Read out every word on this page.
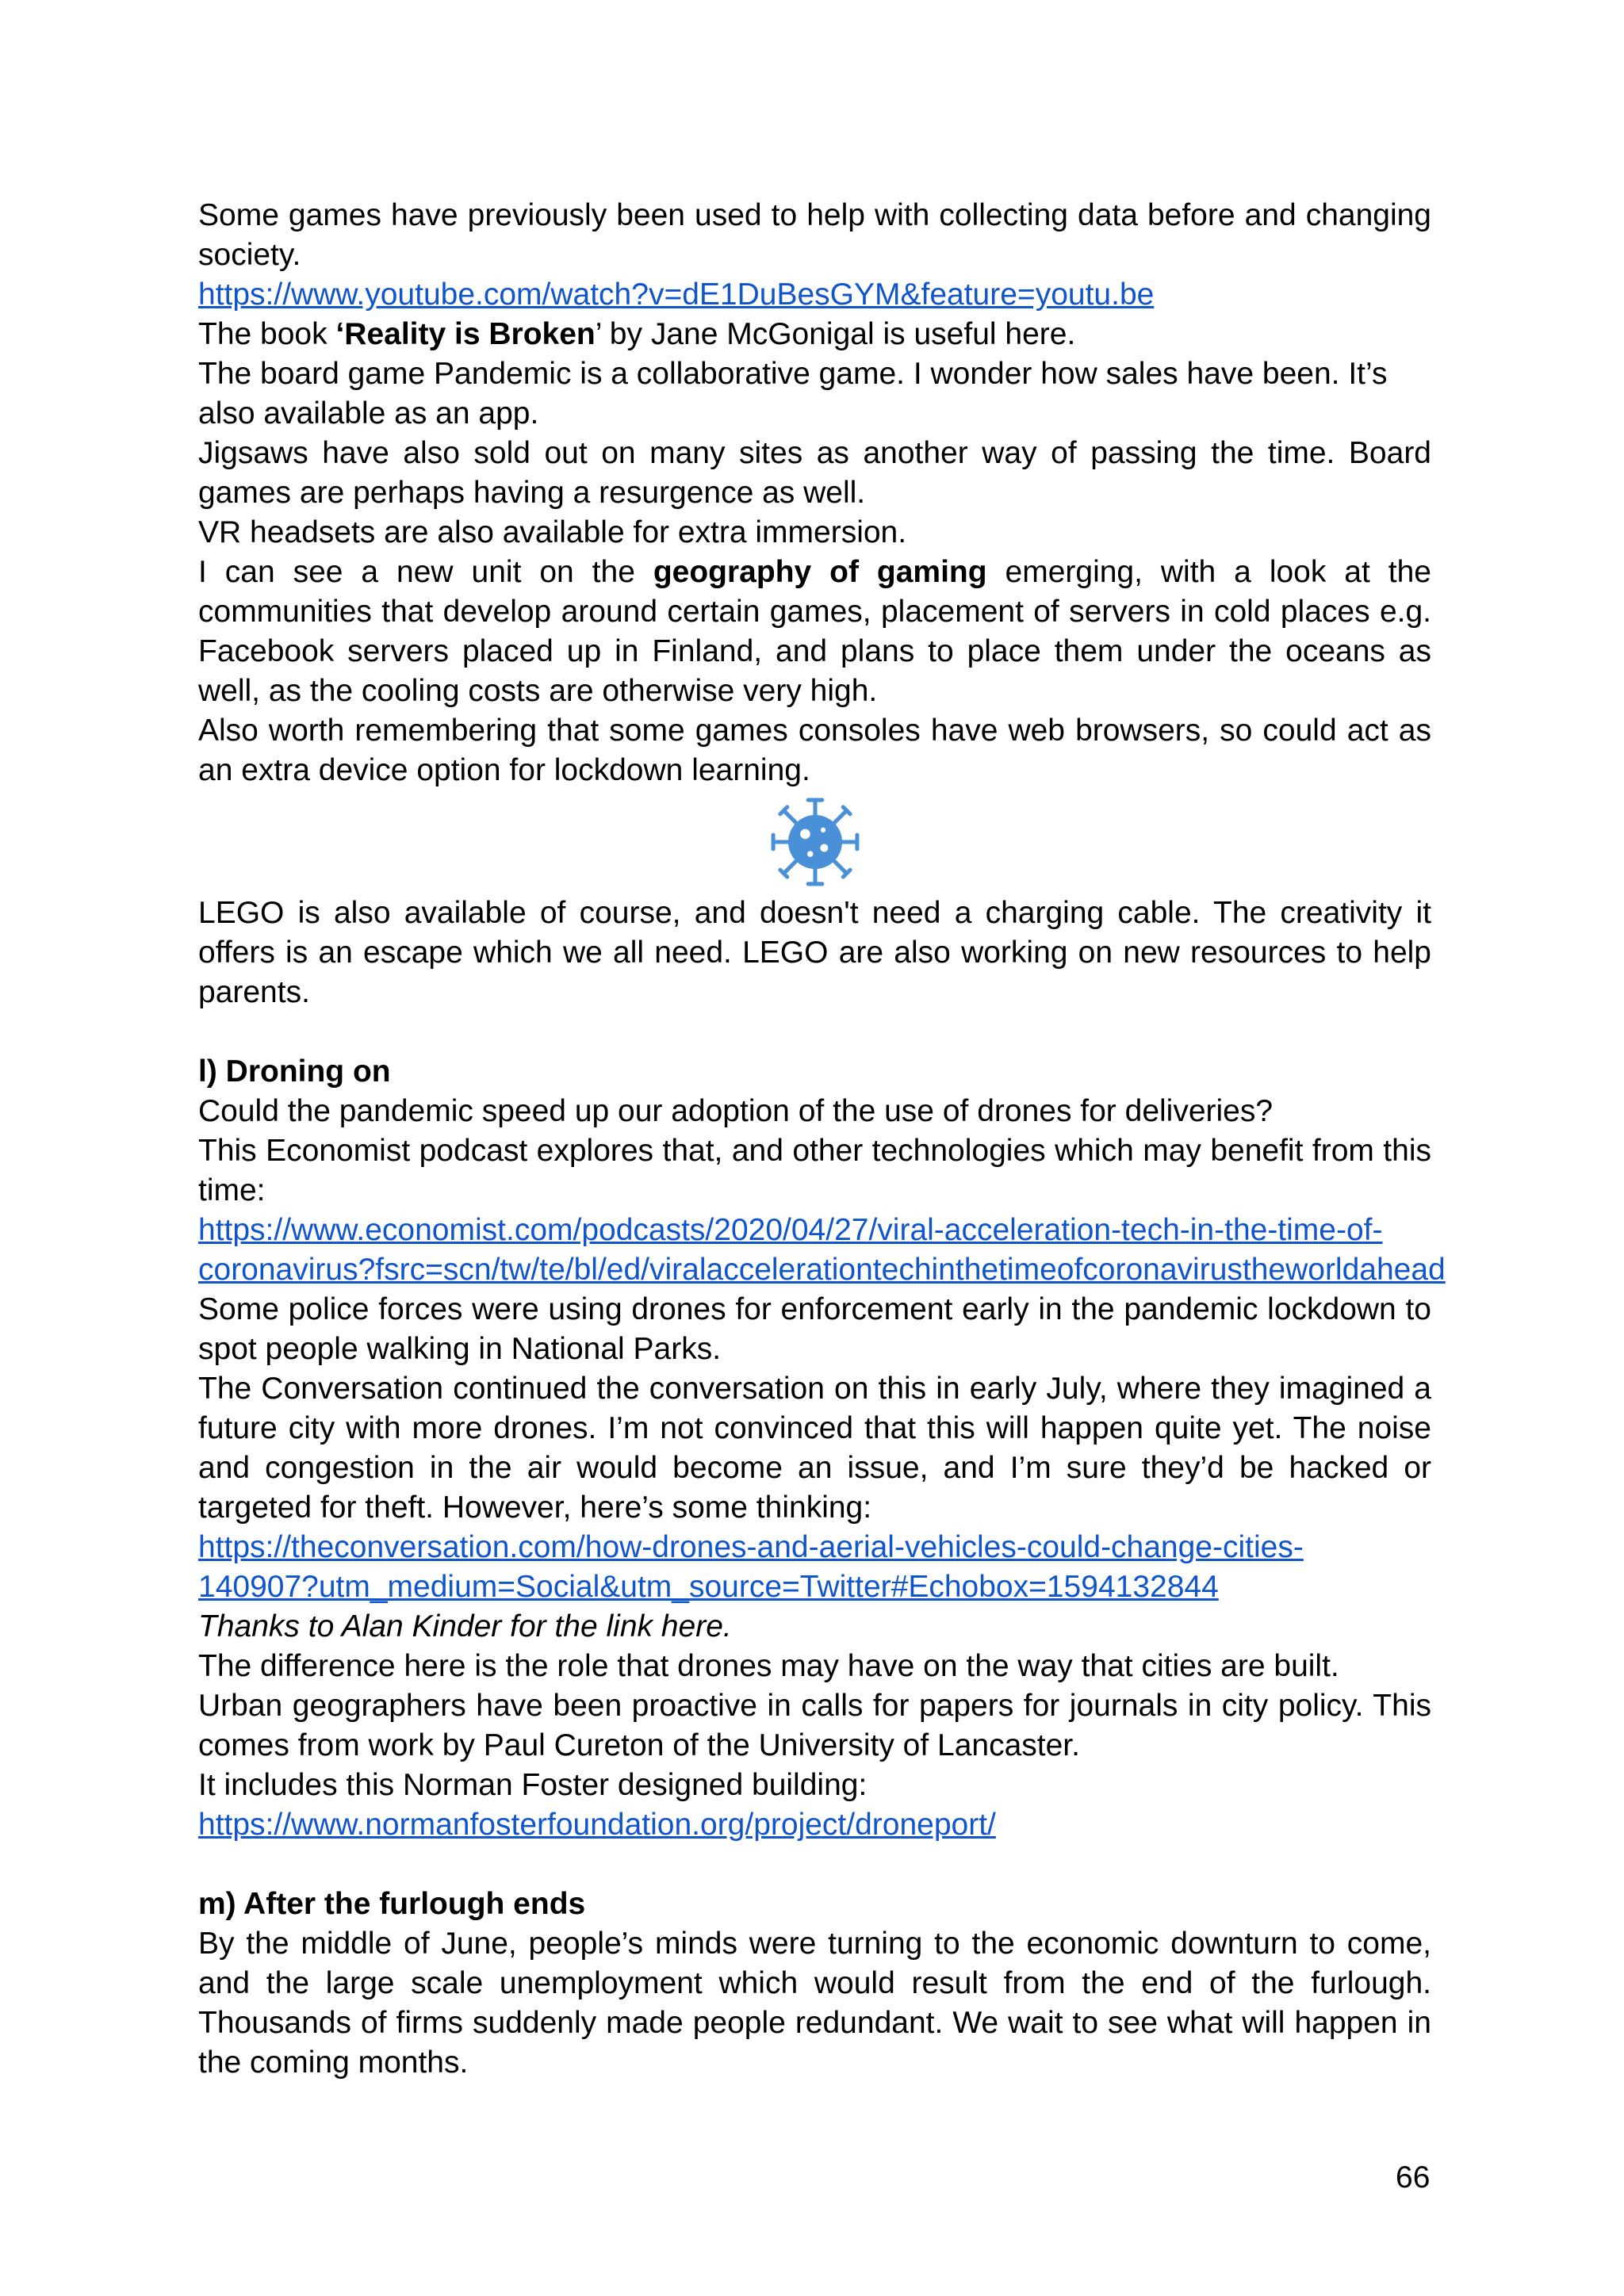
Some games have previously been used to help with collecting data before and changing society.

https://www.youtube.com/watch?v=dE1DuBesGYM&feature=youtu.be

The book ‘Reality is Broken’ by Jane McGonigal is useful here.

The board game Pandemic is a collaborative game. I wonder how sales have been. It’s also available as an app.

Jigsaws have also sold out on many sites as another way of passing the time. Board games are perhaps having a resurgence as well.

VR headsets are also available for extra immersion.

I can see a new unit on the geography of gaming emerging, with a look at the communities that develop around certain games, placement of servers in cold places e.g. Facebook servers placed up in Finland, and plans to place them under the oceans as well, as the cooling costs are otherwise very high.

Also worth remembering that some games consoles have web browsers, so could act as an extra device option for lockdown learning.

LEGO is also available of course, and doesn't need a charging cable. The creativity it offers is an escape which we all need. LEGO are also working on new resources to help parents.

l) Droning on

Could the pandemic speed up our adoption of the use of drones for deliveries?

This Economist podcast explores that, and other technologies which may benefit from this time:

https://www.economist.com/podcasts/2020/04/27/viral-acceleration-tech-in-the-time-of-
coronavirus?fsrc=scn/tw/te/bl/ed/viralaccelerationtechinthetimeofcoronavirustheworldahead

Some police forces were using drones for enforcement early in the pandemic lockdown to spot people walking in National Parks.

The Conversation continued the conversation on this in early July, where they imagined a future city with more drones. I’m not convinced that this will happen quite yet. The noise and congestion in the air would become an issue, and I’m sure they’d be hacked or targeted for theft. However, here’s some thinking:

https://theconversation.com/how-drones-and-aerial-vehicles-could-change-cities-
140907?utm_medium=Social&utm_source=Twitter#Echobox=1594132844

Thanks to Alan Kinder for the link here.

The difference here is the role that drones may have on the way that cities are built.

Urban geographers have been proactive in calls for papers for journals in city policy. This comes from work by Paul Cureton of the University of Lancaster.

It includes this Norman Foster designed building:

https://www.normanfosterfoundation.org/project/droneport/

m) After the furlough ends

By the middle of June, people’s minds were turning to the economic downturn to come, and the large scale unemployment which would result from the end of the furlough. Thousands of firms suddenly made people redundant. We wait to see what will happen in the coming months.

66
